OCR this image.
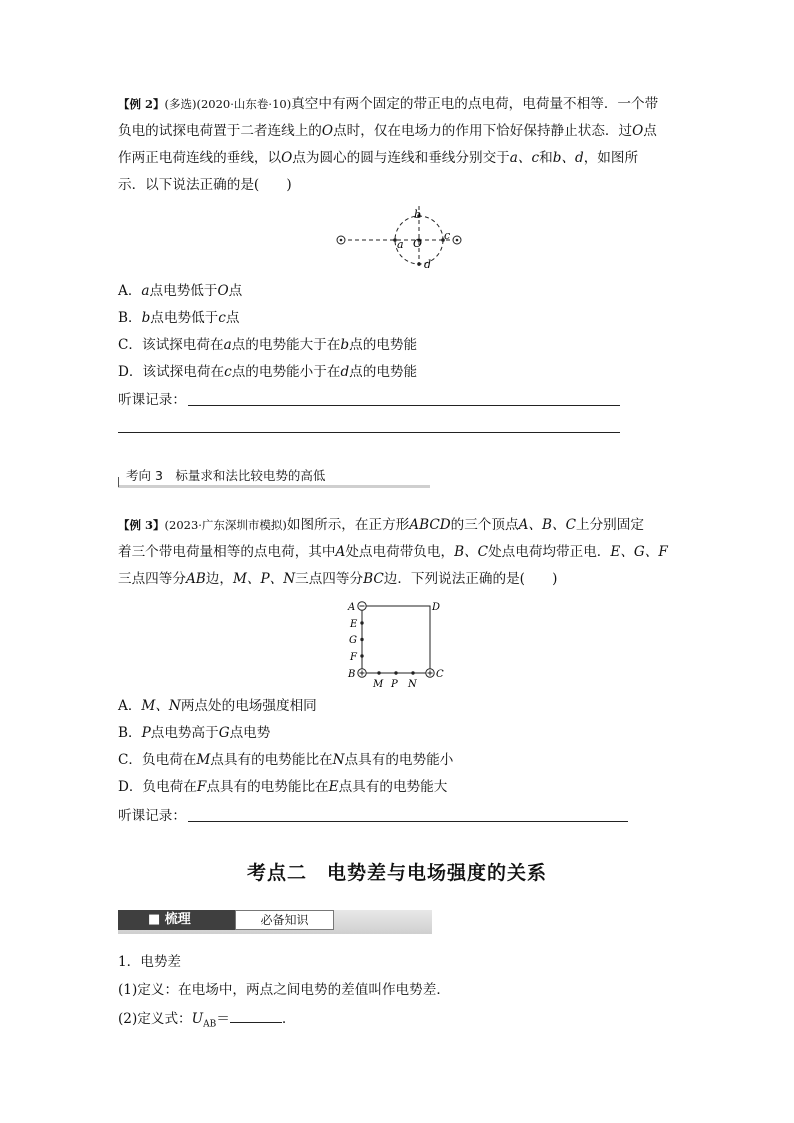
【例 2】(多选)(2020·山东卷·10)真空中有两个固定的带正电的点电荷，电荷量不相等．一个带
负电的试探电荷置于二者连线上的O点时，仅在电场力的作用下恰好保持静止状态．过O点
作两正电荷连线的垂线，以O点为圆心的圆与连线和垂线分别交于a、c和b、d，如图所
示．以下说法正确的是(　　)
a
b
c
d
O
A．a点电势低于O点
B．b点电势低于c点
C．该试探电荷在a点的电势能大于在b点的电势能
D．该试探电荷在c点的电势能小于在d点的电势能
听课记录：
考向 3　标量求和法比较电势的高低
【例 3】(2023·广东深圳市模拟)如图所示，在正方形ABCD的三个顶点A、B、C上分别固定
着三个带电荷量相等的点电荷，其中A处点电荷带负电，B、C处点电荷均带正电．E、G、F
三点四等分AB边，M、P、N三点四等分BC边．下列说法正确的是(　　)
A
B	C
D
E
G
F
M P N
A．M、N两点处的电场强度相同
B．P点电势高于G点电势
C．负电荷在M点具有的电势能比在N点具有的电势能小
D．负电荷在F点具有的电势能比在E点具有的电势能大
听课记录：
考点二　电势差与电场强度的关系
■ 梳理	必备知识
1．电势差
(1)定义：在电场中，两点之间电势的差值叫作电势差．
(2)定义式：$U_{AB}=$	.
